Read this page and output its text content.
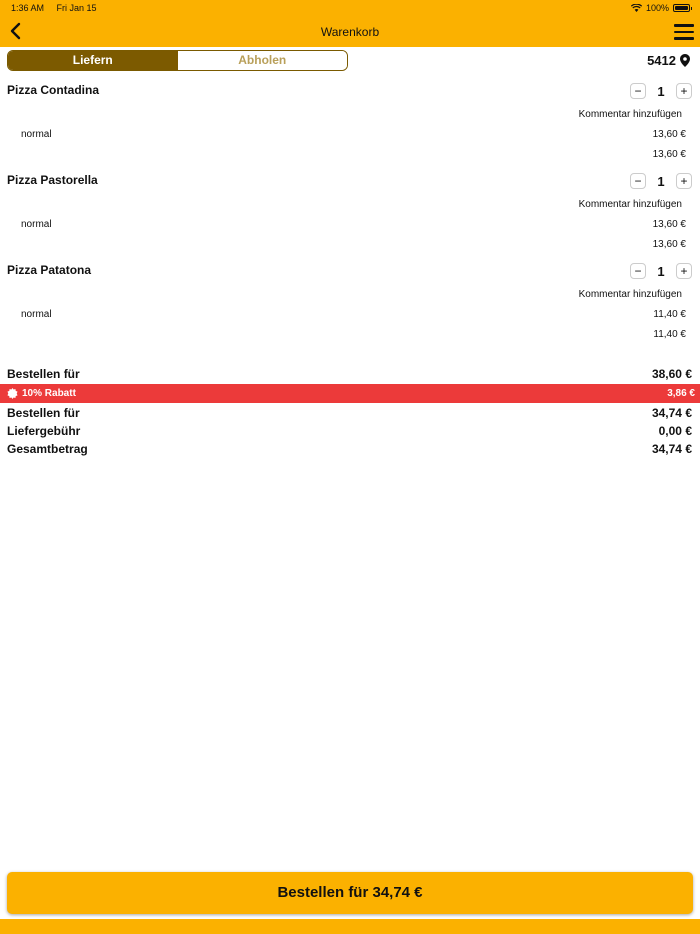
1:36 AM Fri Jan 15	100%
Warenkorb
Liefern	Abholen	5412
Pizza Contadina	−	1	+
Kommentar hinzufügen
normal	13,60 €
13,60 €
Pizza Pastorella	−	1	+
Kommentar hinzufügen
normal	13,60 €
13,60 €
Pizza Patatona	−	1	+
Kommentar hinzufügen
normal	11,40 €
11,40 €
Bestellen für	38,60 €
10% Rabatt	3,86 €
Bestellen für	34,74 €
Liefergebühr	0,00 €
Gesamtbetrag	34,74 €
Bestellen für 34,74 €
